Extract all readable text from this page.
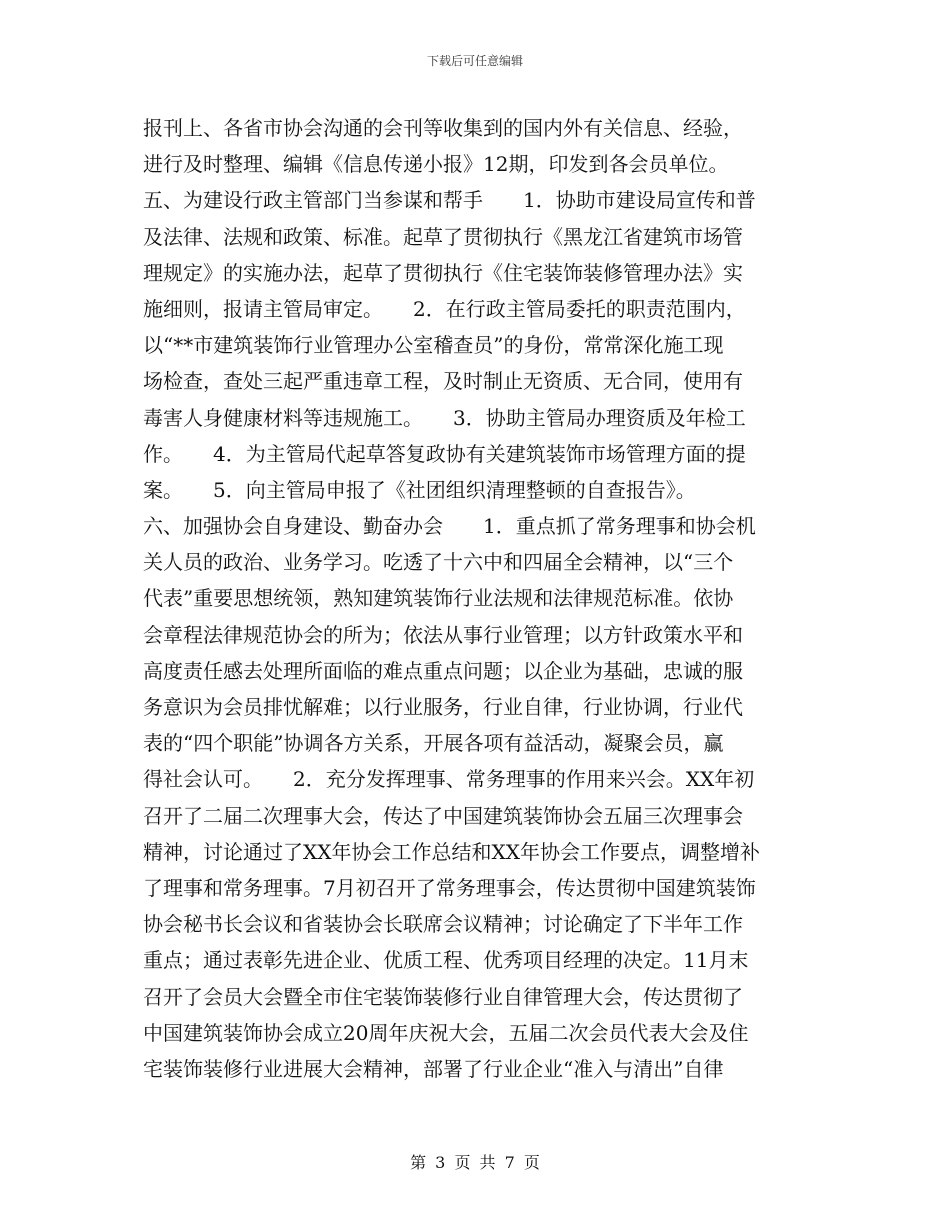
下载后可任意编辑
报刊上、各省市协会沟通的会刊等收集到的国内外有关信息、经验，
进行及时整理、编辑《信息传递小报》12期，印发到各会员单位。
五、为建设行政主管部门当参谋和帮手　　1．协助市建设局宣传和普
及法律、法规和政策、标准。起草了贯彻执行《黑龙江省建筑市场管
理规定》的实施办法，起草了贯彻执行《住宅装饰装修管理办法》实
施细则，报请主管局审定。　　2．在行政主管局委托的职责范围内，
以“**市建筑装饰行业管理办公室稽查员”的身份，常常深化施工现
场检查，查处三起严重违章工程，及时制止无资质、无合同，使用有
毒害人身健康材料等违规施工。　　3．协助主管局办理资质及年检工
作。　　4．为主管局代起草答复政协有关建筑装饰市场管理方面的提
案。　　5．向主管局申报了《社团组织清理整顿的自查报告》。
六、加强协会自身建设、勤奋办会　　1．重点抓了常务理事和协会机
关人员的政治、业务学习。吃透了十六中和四届全会精神，以“三个
代表”重要思想统领，熟知建筑装饰行业法规和法律规范标准。依协
会章程法律规范协会的所为；依法从事行业管理；以方针政策水平和
高度责任感去处理所面临的难点重点问题；以企业为基础，忠诚的服
务意识为会员排忧解难；以行业服务，行业自律，行业协调，行业代
表的“四个职能”协调各方关系，开展各项有益活动，凝聚会员，赢
得社会认可。　　2．充分发挥理事、常务理事的作用来兴会。XX年初
召开了二届二次理事大会，传达了中国建筑装饰协会五届三次理事会
精神，讨论通过了XX年协会工作总结和XX年协会工作要点，调整增补
了理事和常务理事。7月初召开了常务理事会，传达贯彻中国建筑装饰
协会秘书长会议和省装协会长联席会议精神；讨论确定了下半年工作
重点；通过表彰先进企业、优质工程、优秀项目经理的决定。11月末
召开了会员大会暨全市住宅装饰装修行业自律管理大会，传达贯彻了
中国建筑装饰协会成立20周年庆祝大会，五届二次会员代表大会及住
宅装饰装修行业进展大会精神，部署了行业企业“准入与清出”自律
第 3 页 共 7 页
